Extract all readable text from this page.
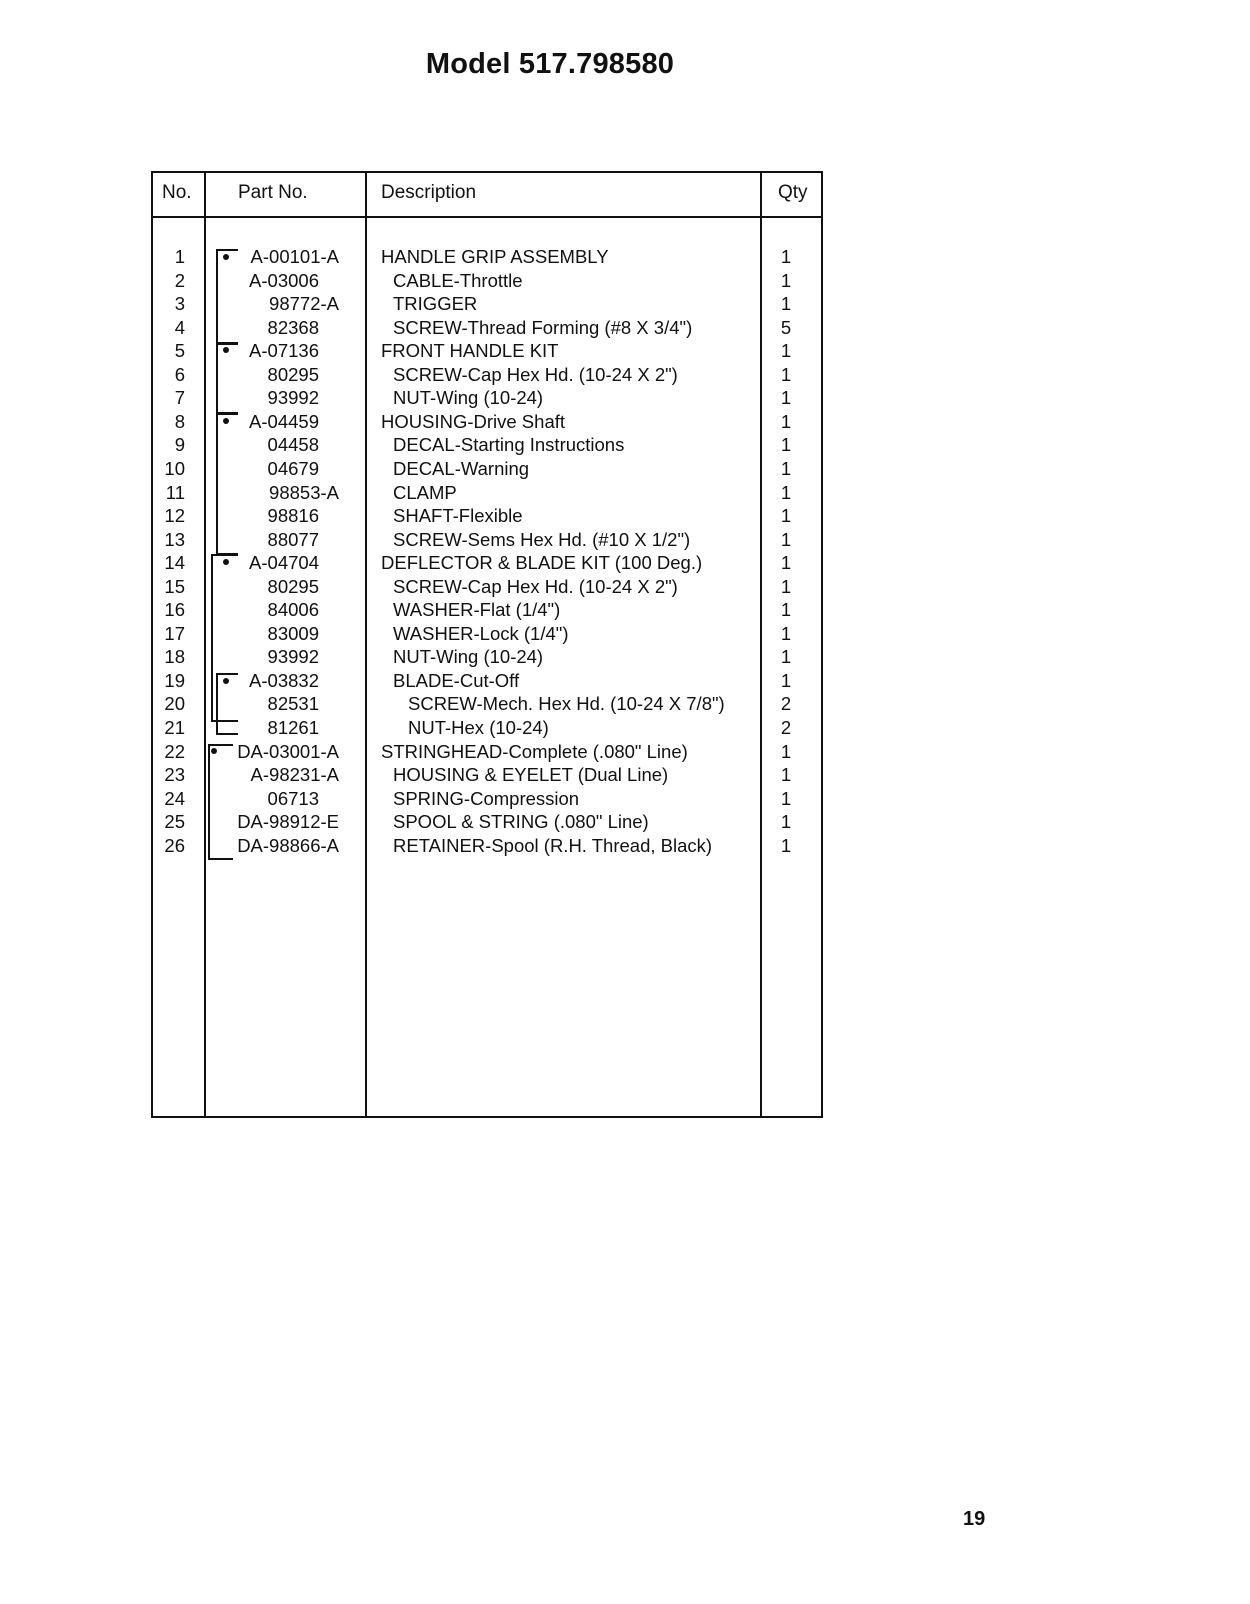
Model 517.798580
No. Part No.	Description	Qty
1	A-00101-A HANDLE GRIP ASSEMBLY	1
2	A-03006	CABLE-Throttle	1
3	98772-A	TRIGGER	1
4	82368	SCREW-Thread Forming (#8 X 3/4")	5
5	A-07136	FRONT HANDLE KIT	1
6	80295	SCREW-Cap Hex Hd. (10-24 X 2")	1
7	93992	NUT-Wing (10-24)	1
8	A-04459	HOUSING-Drive Shaft	1
9	04458	DECAL-Starting Instructions	1
10	04679	DECAL-Warning	1
11	98853-A	CLAMP	1
12	98816	SHAFT-Flexible	1
13	88077	SCREW-Sems Hex Hd. (#10 X 1/2")	1
14	A-04704	DEFLECTOR & BLADE KIT (100 Deg.)	1
15	80295	SCREW-Cap Hex Hd. (10-24 X 2")	1
16	84006	WASHER-Flat (1/4")	1
17	83009	WASHER-Lock (1/4")	1
18	93992	NUT-Wing (10-24)	1
19	A-03832	BLADE-Cut-Off	1
20	82531	SCREW-Mech. Hex Hd. (10-24 X 7/8")	2
21	81261	NUT-Hex (10-24)	2
22	DA-03001-A STRINGHEAD-Complete (.080" Line)	1
23	A-98231-A	HOUSING & EYELET (Dual Line)	1
24	06713	SPRING-Compression	1
25	DA-98912-E	SPOOL & STRING (.080" Line)	1
26	DA-98866-A	RETAINER-Spool (R.H. Thread, Black)	1
19
